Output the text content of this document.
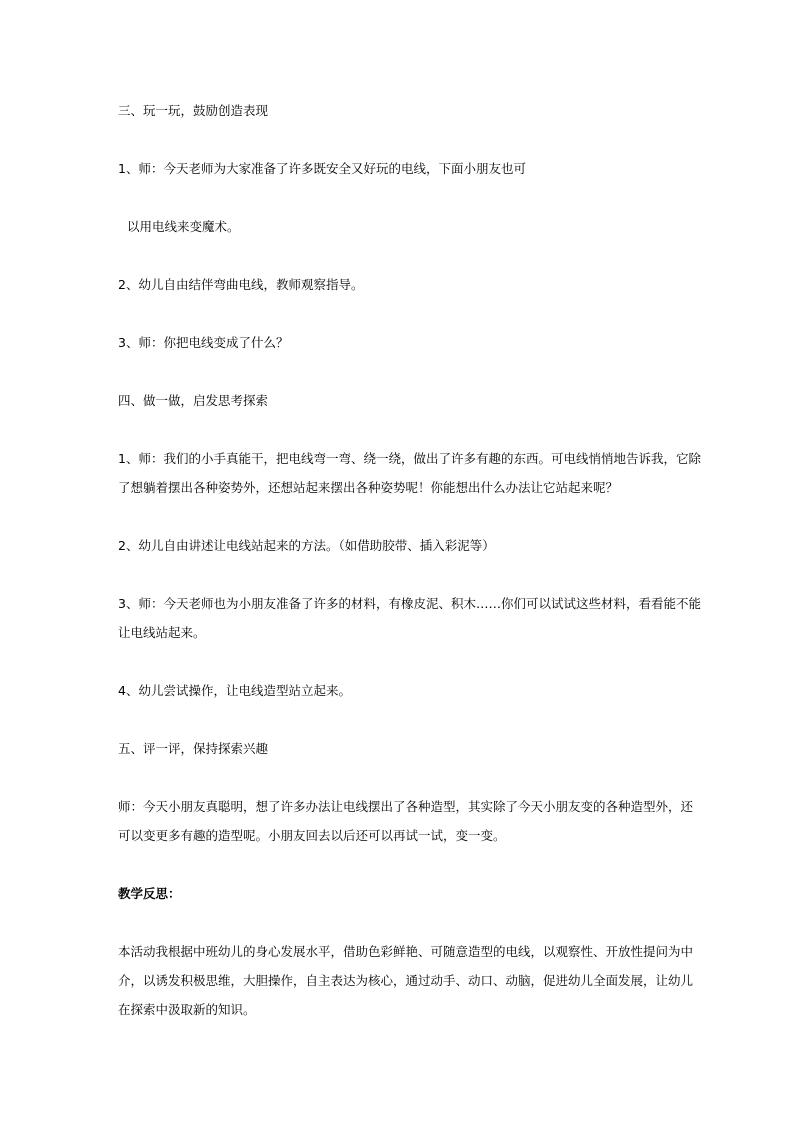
三、玩一玩，鼓励创造表现
1、师：今天老师为大家准备了许多既安全又好玩的电线，下面小朋友也可
以用电线来变魔术。
2、幼儿自由结伴弯曲电线，教师观察指导。
3、师：你把电线变成了什么？
四、做一做，启发思考探索
1、师：我们的小手真能干，把电线弯一弯、绕一绕，做出了许多有趣的东西。可电线悄悄地告诉我，它除
了想躺着摆出各种姿势外，还想站起来摆出各种姿势呢！你能想出什么办法让它站起来呢？
2、幼儿自由讲述让电线站起来的方法。（如借助胶带、插入彩泥等）
3、师：今天老师也为小朋友准备了许多的材料，有橡皮泥、积木……你们可以试试这些材料，看看能不能
让电线站起来。
4、幼儿尝试操作，让电线造型站立起来。
五、评一评，保持探索兴趣
师：今天小朋友真聪明，想了许多办法让电线摆出了各种造型，其实除了今天小朋友变的各种造型外，还
可以变更多有趣的造型呢。小朋友回去以后还可以再试一试，变一变。
教学反思：
本活动我根据中班幼儿的身心发展水平，借助色彩鲜艳、可随意造型的电线，以观察性、开放性提问为中
介，以诱发积极思维，大胆操作，自主表达为核心，通过动手、动口、动脑，促进幼儿全面发展，让幼儿
在探索中汲取新的知识。
